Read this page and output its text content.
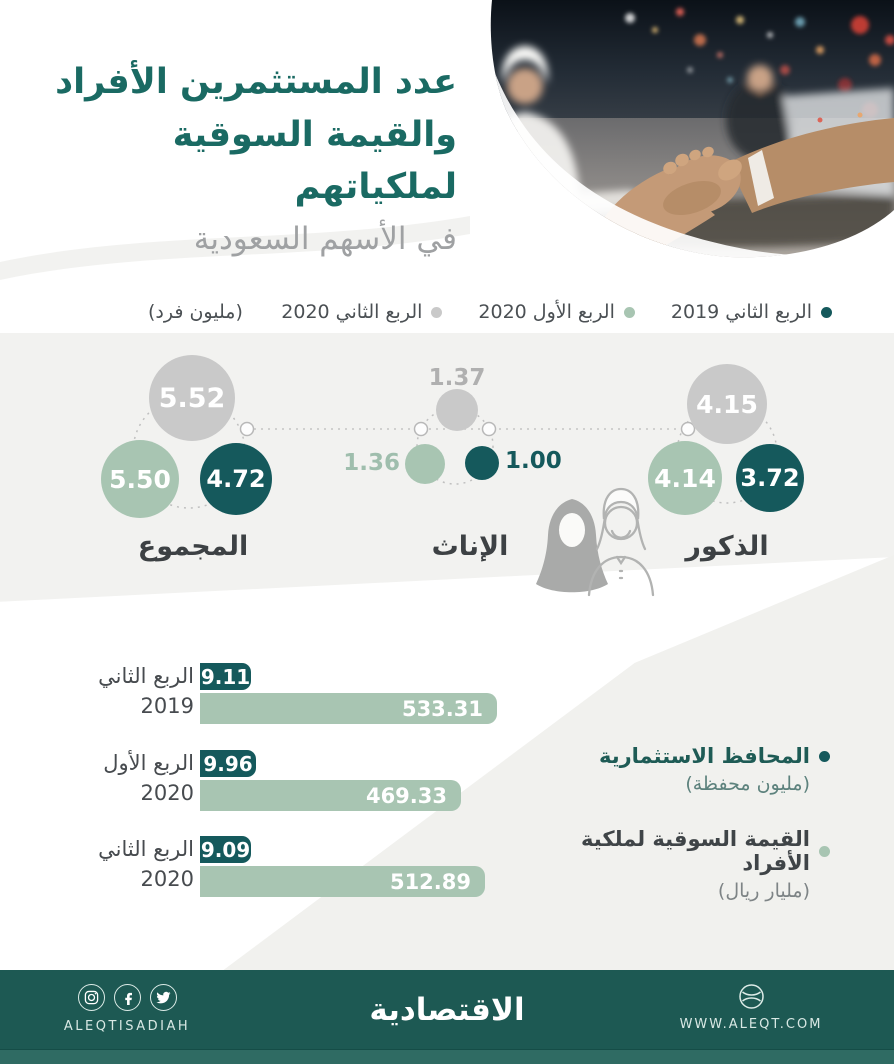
عدد المستثمرين الأفراد
والقيمة السوقية لملكياتهم
في الأسهم السعودية
الربع الثاني 2019
الربع الأول 2020
الربع الثاني 2020
(مليون فرد)
4.15
4.14 3.72
الذكور
1.37
1.36	1.00
الإناث
5.52
5.50 4.72
المجموع
الربع الثاني
2019
9.11
533.31
الربع الأول
2020
9.96
469.33
الربع الثاني
2020
9.09
512.89
المحافظ الاستثمارية
(مليون محفظة)
القيمة السوقية لملكية الأفراد
(مليار ريال)
ALEQTISADIAH	الاقتصادية	WWW.ALEQT.COM
